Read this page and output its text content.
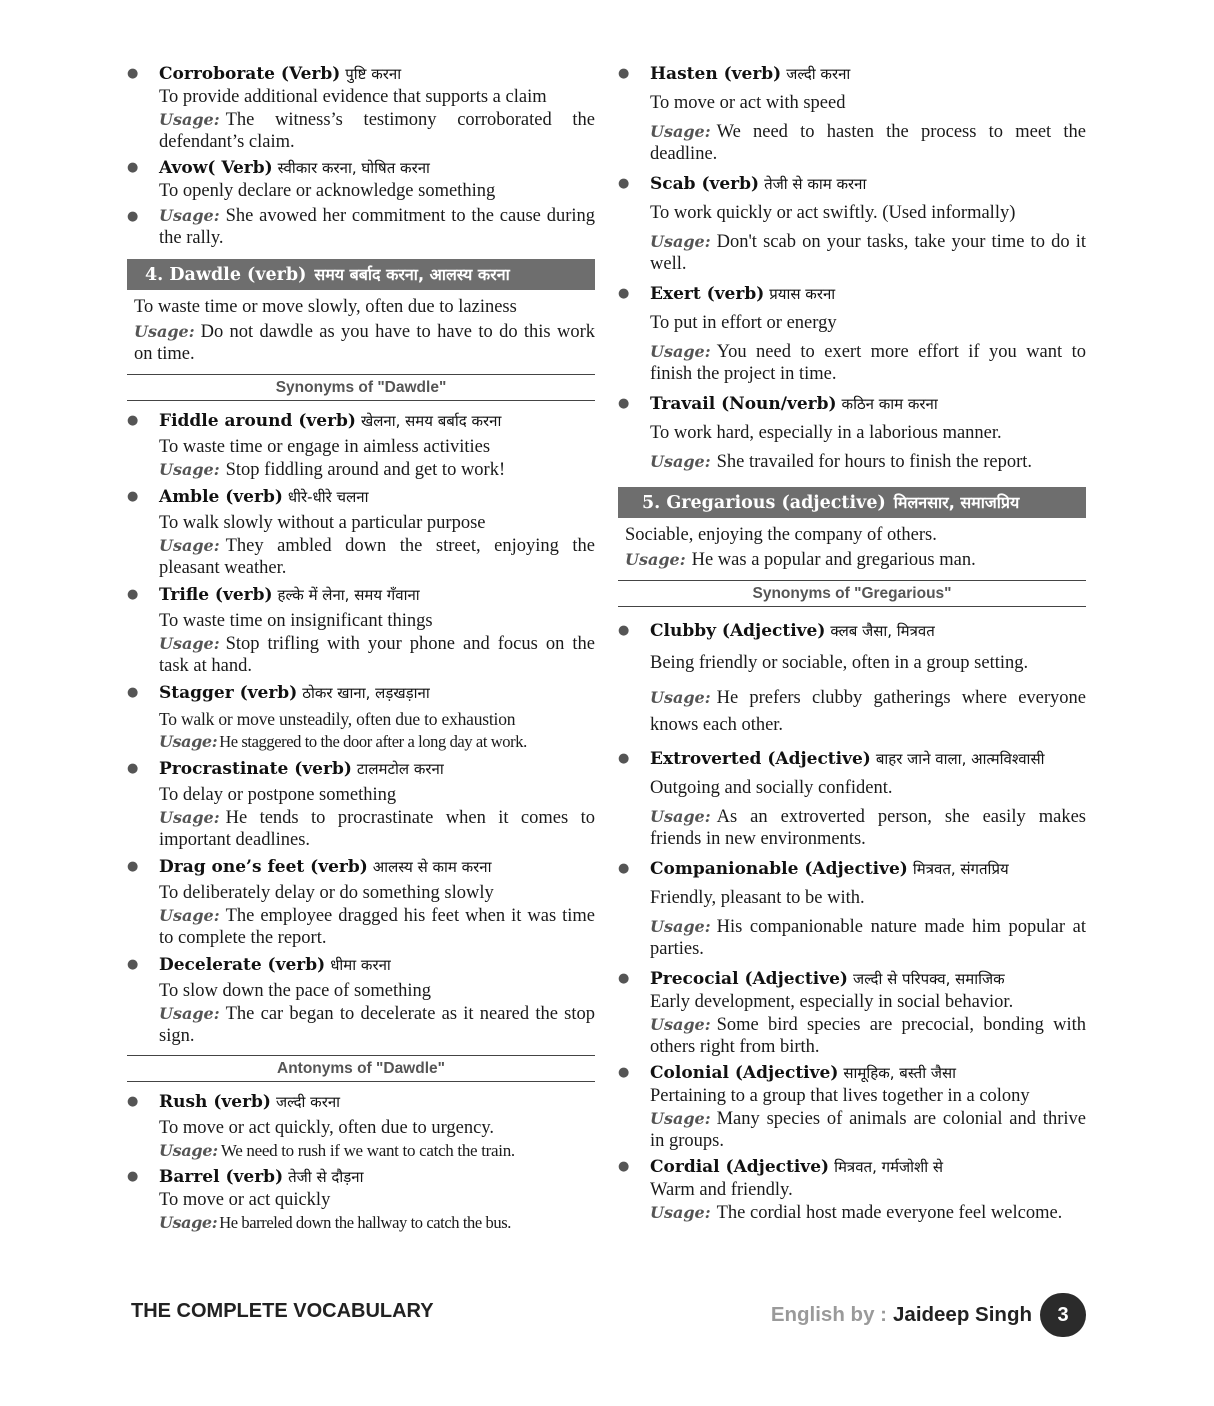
● Corroborate (Verb) पुष्टि करना
To provide additional evidence that supports a claim
Usage: The witness’s testimony corroborated the defendant’s claim.
● Avow( Verb) स्वीकार करना, घोषित करना
To openly declare or acknowledge something
● Usage: She avowed her commitment to the cause during the rally.
4. Dawdle (verb) समय बर्बाद करना, आलस्य करना
To waste time or move slowly, often due to laziness
Usage: Do not dawdle as you have to have to do this work on time.
Synonyms of "Dawdle"
● Fiddle around (verb) खेलना, समय बर्बाद करना
To waste time or engage in aimless activities
Usage: Stop fiddling around and get to work!
● Amble (verb) धीरे-धीरे चलना
To walk slowly without a particular purpose
Usage: They ambled down the street, enjoying the pleasant weather.
● Trifle (verb) हल्के में लेना, समय गँवाना
To waste time on insignificant things
Usage: Stop trifling with your phone and focus on the task at hand.
● Stagger (verb) ठोकर खाना, लड़खड़ाना
To walk or move unsteadily, often due to exhaustion
Usage: He staggered to the door after a long day at work.
● Procrastinate (verb) टालमटोल करना
To delay or postpone something
Usage: He tends to procrastinate when it comes to important deadlines.
● Drag one’s feet (verb) आलस्य से काम करना
To deliberately delay or do something slowly
Usage: The employee dragged his feet when it was time to complete the report.
● Decelerate (verb) धीमा करना
To slow down the pace of something
Usage: The car began to decelerate as it neared the stop sign.
Antonyms of "Dawdle"
● Rush (verb) जल्दी करना
To move or act quickly, often due to urgency.
Usage: We need to rush if we want to catch the train.
● Barrel (verb) तेजी से दौड़ना
To move or act quickly
Usage: He barreled down the hallway to catch the bus.
● Hasten (verb) जल्दी करना
To move or act with speed
Usage: We need to hasten the process to meet the deadline.
● Scab (verb) तेजी से काम करना
To work quickly or act swiftly. (Used informally)
Usage: Don't scab on your tasks, take your time to do it well.
● Exert (verb) प्रयास करना
To put in effort or energy
Usage: You need to exert more effort if you want to finish the project in time.
● Travail (Noun/verb) कठिन काम करना
To work hard, especially in a laborious manner.
Usage: She travailed for hours to finish the report.
5. Gregarious (adjective) मिलनसार, समाजप्रिय
Sociable, enjoying the company of others.
Usage: He was a popular and gregarious man.
Synonyms of "Gregarious"
● Clubby (Adjective) क्लब जैसा, मित्रवत
Being friendly or sociable, often in a group setting.
Usage: He prefers clubby gatherings where everyone knows each other.
● Extroverted (Adjective) बाहर जाने वाला, आत्मविश्वासी
Outgoing and socially confident.
Usage: As an extroverted person, she easily makes friends in new environments.
● Companionable (Adjective) मित्रवत, संगतप्रिय
Friendly, pleasant to be with.
Usage: His companionable nature made him popular at parties.
● Precocial (Adjective) जल्दी से परिपक्व, समाजिक
Early development, especially in social behavior.
Usage: Some bird species are precocial, bonding with others right from birth.
● Colonial (Adjective) सामूहिक, बस्ती जैसा
Pertaining to a group that lives together in a colony
Usage: Many species of animals are colonial and thrive in groups.
● Cordial (Adjective) मित्रवत, गर्मजोशी से
Warm and friendly.
Usage: The cordial host made everyone feel welcome.
THE COMPLETE VOCABULARY	English by : Jaideep Singh	3
